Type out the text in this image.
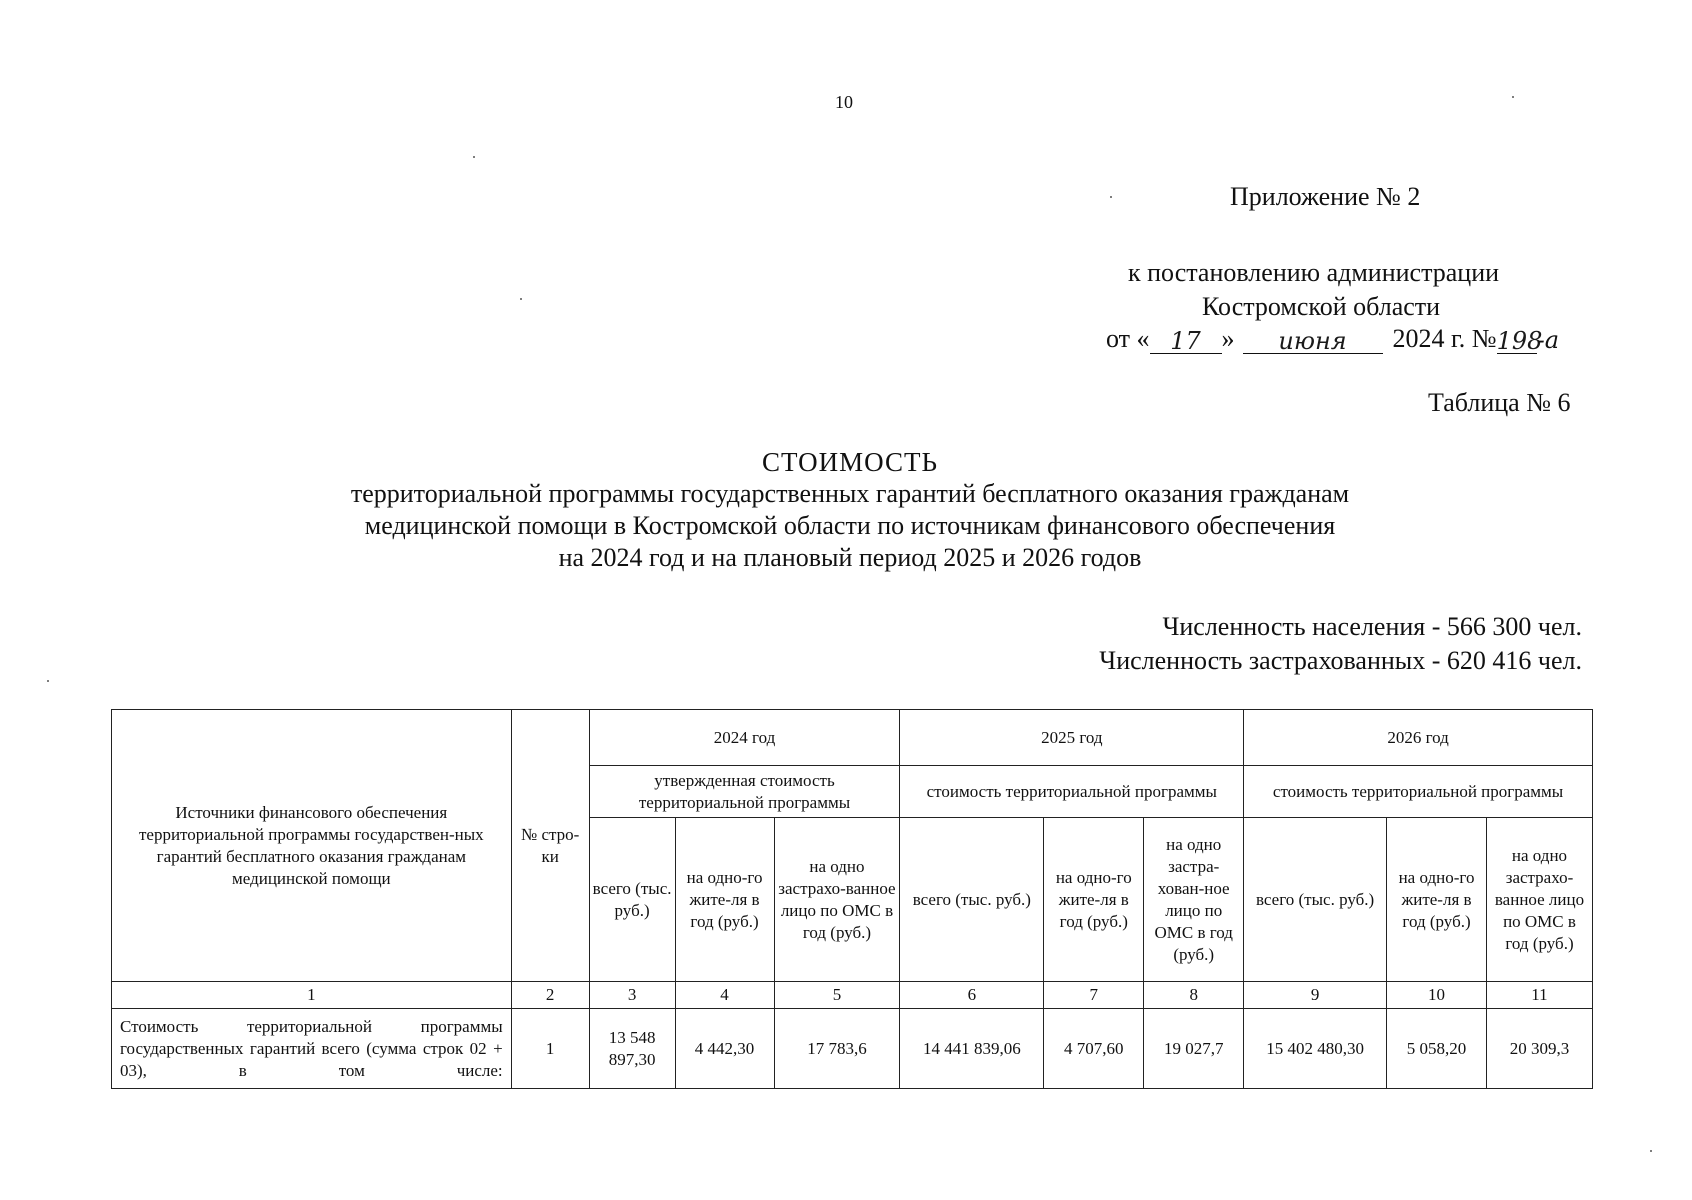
10
Приложение № 2
к постановлению администрации
Костромской области
от « 17 »	июня	2024 г. № 198
-а
Таблица № 6
СТОИМОСТЬ
территориальной программы государственных гарантий бесплатного оказания гражданам
медицинской помощи в Костромской области по источникам финансового обеспечения
на 2024 год и на плановый период 2025 и 2026 годов
Численность населения - 566 300 чел.
Численность застрахованных - 620 416 чел.
Источники финансового обеспечения территориальной программы государствен-ных гарантий бесплатного оказания гражданам медицинской помощи	№ стро-ки	2024 год			2025 год			2026 год		
		утвержденная стоимость территориальной программы			стоимость территориальной программы			стоимость территориальной программы		
		всего (тыс. руб.)	на одно-го жите-ля в год (руб.)	на одно застрахо-ванное лицо по ОМС в год (руб.)	всего (тыс. руб.)	на одно-го жите-ля в год (руб.)	на одно застра-хован-ное лицо по ОМС в год (руб.)	всего (тыс. руб.)	на одно-го жите-ля в год (руб.)	на одно застрахо-ванное лицо по ОМС в год (руб.)
1	2	3	4	5	6	7	8	9	10	11
Стоимость территориальной программы государственных гарантий всего (сумма строк 02 + 03), в том числе:	1	13 548 897,30	4 442,30	17 783,6	14 441 839,06	4 707,60	19 027,7	15 402 480,30	5 058,20	20 309,3
